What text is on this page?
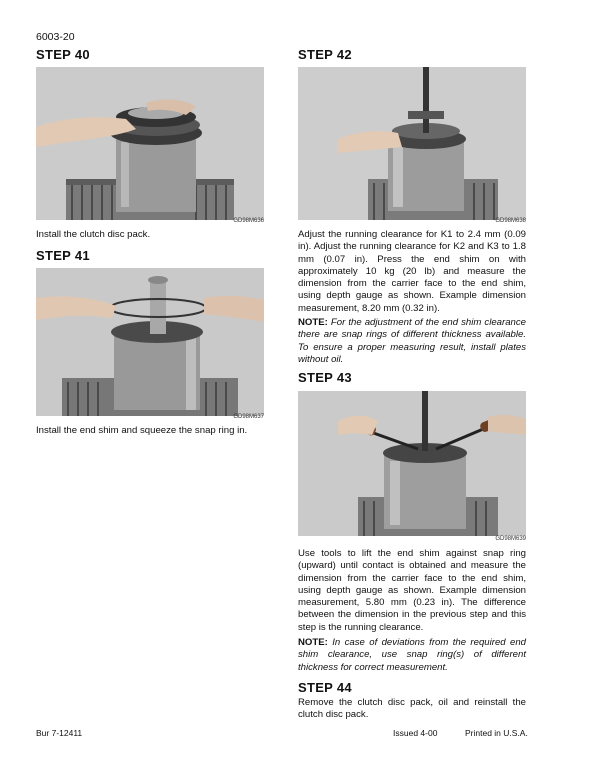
6003-20
STEP 40
GD98M636
Install the clutch disc pack.
STEP 41
GD98M637
Install the end shim and squeeze the snap ring in.
STEP 42
GD98M638
Adjust the running clearance for K1 to 2.4 mm (0.09 in). Adjust the running clearance for K2 and K3 to 1.8 mm (0.07 in). Press the end shim on with approximately 10 kg (20 lb) and measure the dimension from the carrier face to the end shim, using depth gauge as shown. Example dimension measurement, 8.20 mm (0.32 in).
NOTE: For the adjustment of the end shim clearance there are snap rings of different thickness available. To ensure a proper measuring result, install plates without oil.
STEP 43
GD98M639
Use tools to lift the end shim against snap ring (upward) until contact is obtained and measure the dimension from the carrier face to the end shim, using depth gauge as shown. Example dimension measurement, 5.80 mm (0.23 in). The difference between the dimension in the previous step and this step is the running clearance.
NOTE: In case of deviations from the required end shim clearance, use snap ring(s) of different thickness for correct measurement.
STEP 44
Remove the clutch disc pack, oil and reinstall the clutch disc pack.
Bur 7-12411	Issued 4-00	Printed in U.S.A.
